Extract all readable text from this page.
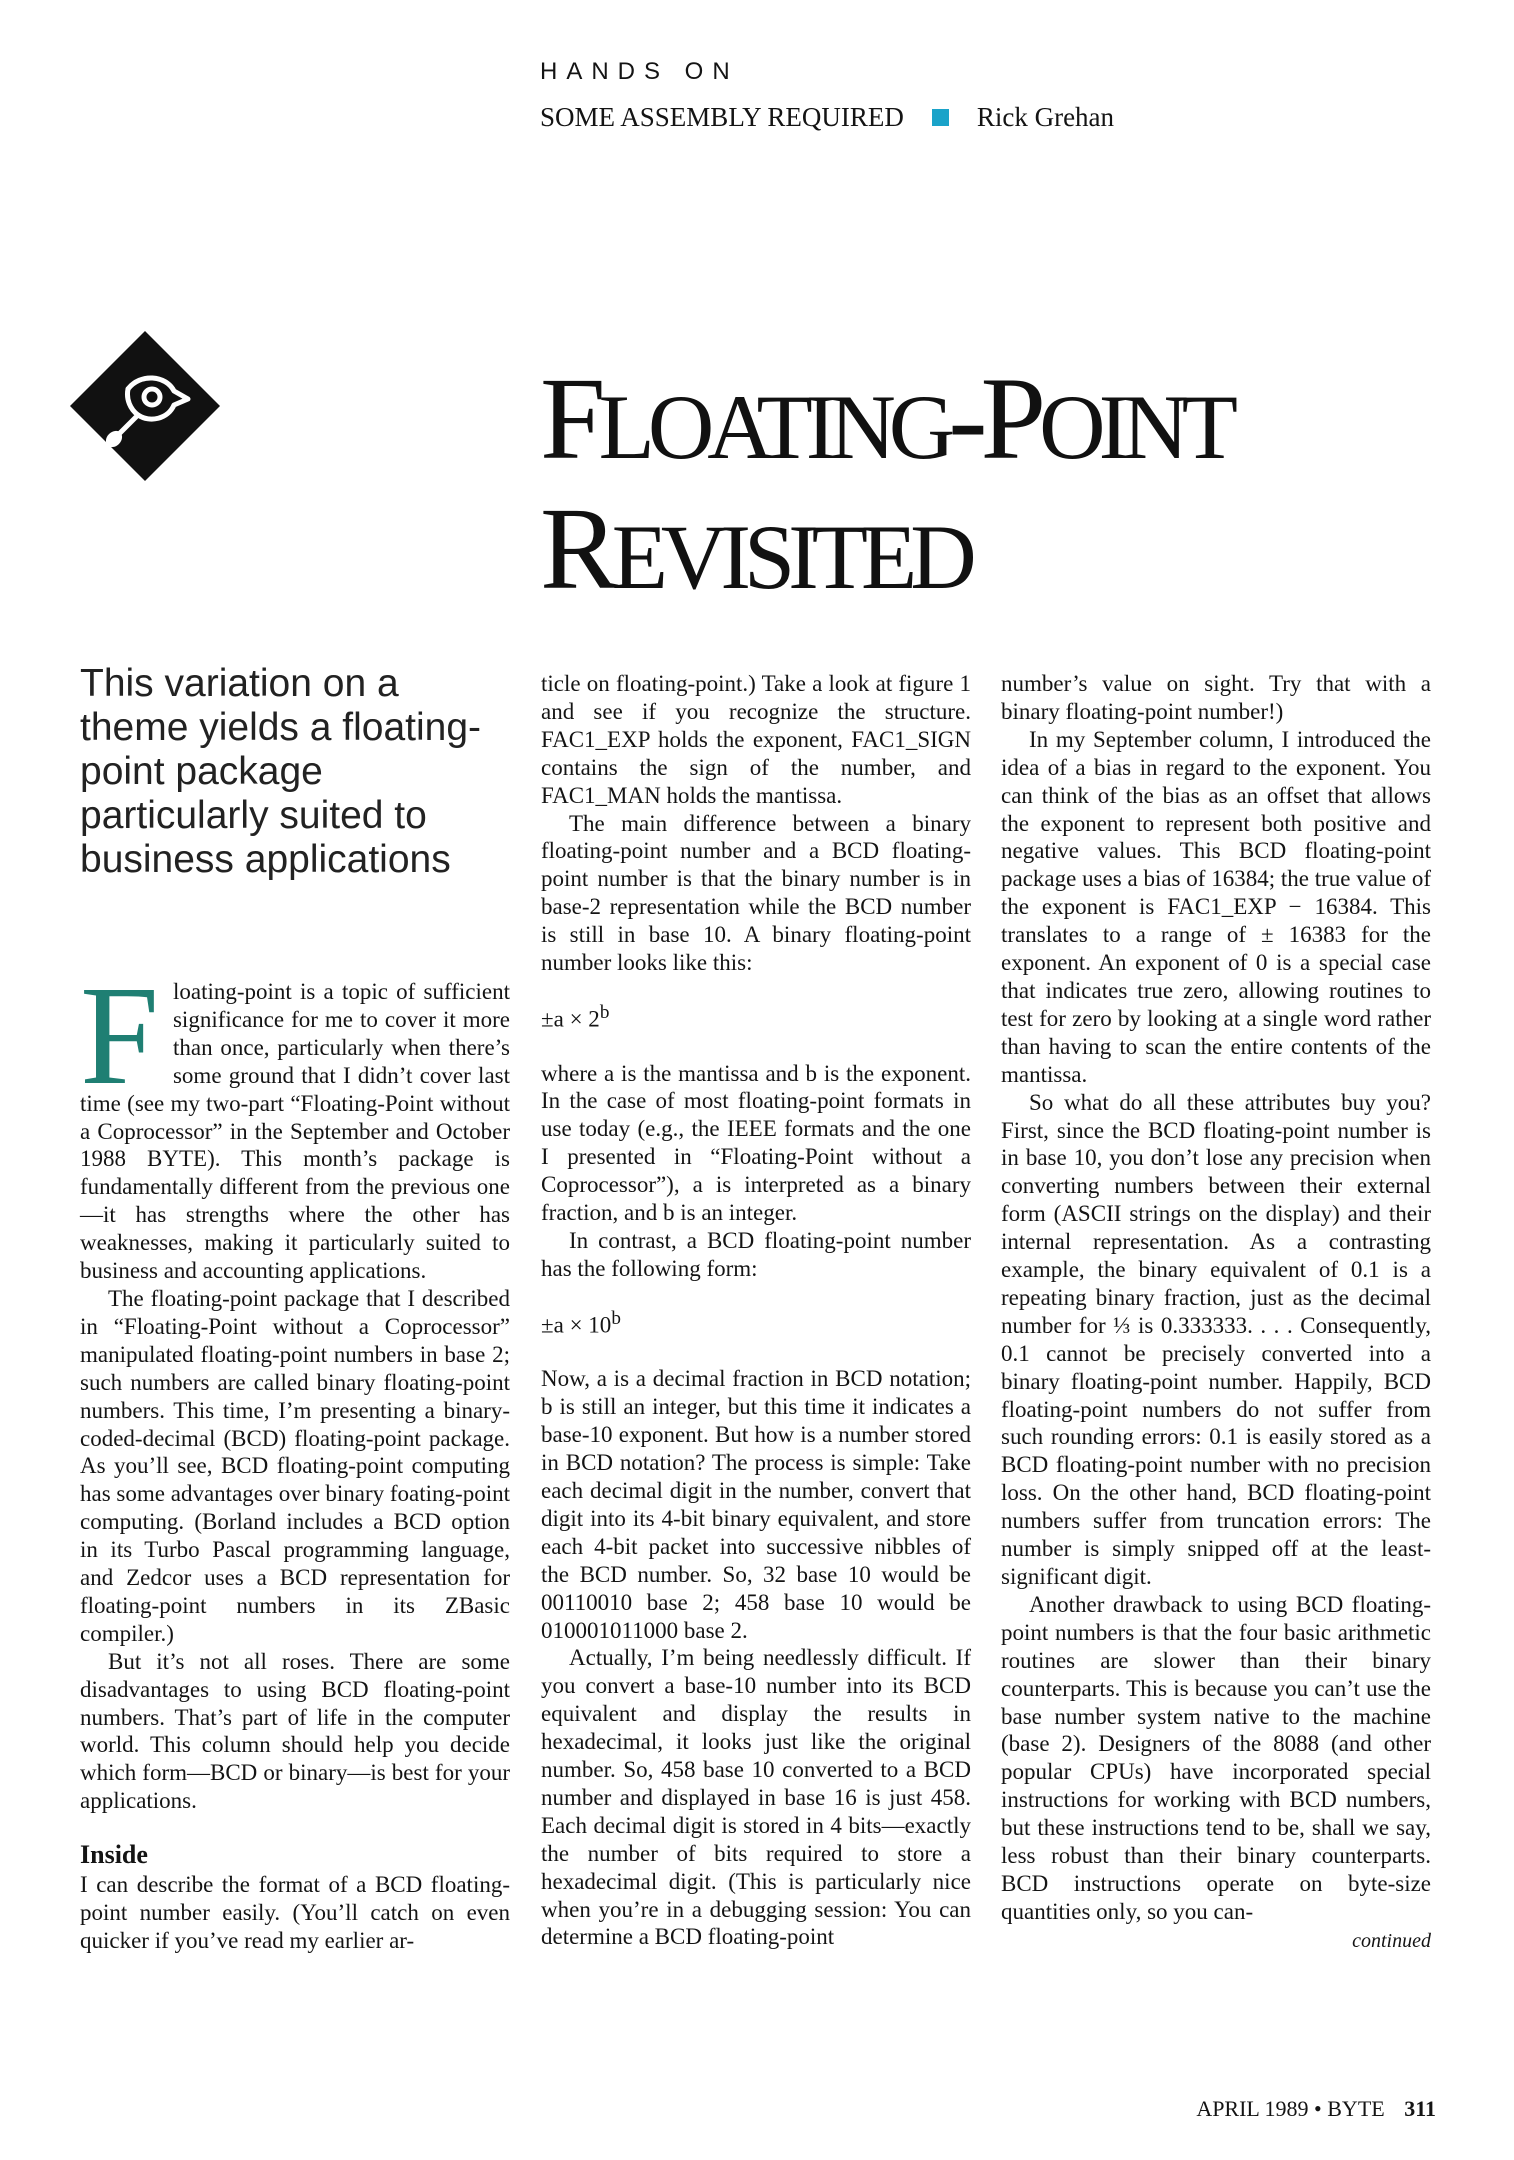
HANDS ON
SOME ASSEMBLY REQUIRED	Rick Grehan
FLOATING-POINT
REVISITED
This variation on a theme yields a floating-point package particularly suited to business applications
F loating-point is a topic of sufficient significance for me to cover it more than once, particularly when there’s some ground that I didn’t cover last time (see my two-part “Floating-Point without a Coprocessor” in the September and October 1988 BYTE). This month’s package is fundamentally different from the previous one—it has strengths where the other has weaknesses, making it particularly suited to business and accounting applications.

The floating-point package that I described in “Floating-Point without a Coprocessor” manipulated floating-point numbers in base 2; such numbers are called binary floating-point numbers. This time, I’m presenting a binary-coded-decimal (BCD) floating-point package. As you’ll see, BCD floating-point computing has some advantages over binary foating-point computing. (Borland includes a BCD option in its Turbo Pascal programming language, and Zedcor uses a BCD representation for floating-point numbers in its ZBasic compiler.)

But it’s not all roses. There are some disadvantages to using BCD floating-point numbers. That’s part of life in the computer world. This column should help you decide which form—BCD or binary—is best for your applications.

Inside

I can describe the format of a BCD floating-point number easily. (You’ll catch on even quicker if you’ve read my earlier ar-

ticle on floating-point.) Take a look at figure 1 and see if you recognize the structure. FAC1_EXP holds the exponent, FAC1_SIGN contains the sign of the number, and FAC1_MAN holds the mantissa.

The main difference between a binary floating-point number and a BCD floating-point number is that the binary number is in base-2 representation while the BCD number is still in base 10. A binary floating-point number looks like this:

$\pm a \times 2^b$

where a is the mantissa and b is the exponent. In the case of most floating-point formats in use today (e.g., the IEEE formats and the one I presented in “Floating-Point without a Coprocessor”), a is interpreted as a binary fraction, and b is an integer.

In contrast, a BCD floating-point number has the following form:

$\pm a \times 10^b$

Now, a is a decimal fraction in BCD notation; b is still an integer, but this time it indicates a base-10 exponent. But how is a number stored in BCD notation? The process is simple: Take each decimal digit in the number, convert that digit into its 4-bit binary equivalent, and store each 4-bit packet into successive nibbles of the BCD number. So, 32 base 10 would be 00110010 base 2; 458 base 10 would be 010001011000 base 2.

Actually, I’m being needlessly difficult. If you convert a base-10 number into its BCD equivalent and display the results in hexadecimal, it looks just like the original number. So, 458 base 10 converted to a BCD number and displayed in base 16 is just 458. Each decimal digit is stored in 4 bits—exactly the number of bits required to store a hexadecimal digit. (This is particularly nice when you’re in a debugging session: You can determine a BCD floating-point

number’s value on sight. Try that with a binary floating-point number!)

In my September column, I introduced the idea of a bias in regard to the exponent. You can think of the bias as an offset that allows the exponent to represent both positive and negative values. This BCD floating-point package uses a bias of 16384; the true value of the exponent is FAC1_EXP − 16384. This translates to a range of ± 16383 for the exponent. An exponent of 0 is a special case that indicates true zero, allowing routines to test for zero by looking at a single word rather than having to scan the entire contents of the mantissa.

So what do all these attributes buy you? First, since the BCD floating-point number is in base 10, you don’t lose any precision when converting numbers between their external form (ASCII strings on the display) and their internal representation. As a contrasting example, the binary equivalent of 0.1 is a repeating binary fraction, just as the decimal number for ⅓ is 0.333333. . . . Consequently, 0.1 cannot be precisely converted into a binary floating-point number. Happily, BCD floating-point numbers do not suffer from such rounding errors: 0.1 is easily stored as a BCD floating-point number with no precision loss. On the other hand, BCD floating-point numbers suffer from truncation errors: The number is simply snipped off at the least-significant digit.

Another drawback to using BCD floating-point numbers is that the four basic arithmetic routines are slower than their binary counterparts. This is because you can’t use the base number system native to the machine (base 2). Designers of the 8088 (and other popular CPUs) have incorporated special instructions for working with BCD numbers, but these instructions tend to be, shall we say, less robust than their binary counterparts. BCD instructions operate on byte-size quantities only, so you can-

continued
APRIL 1989 • BYTE 311
